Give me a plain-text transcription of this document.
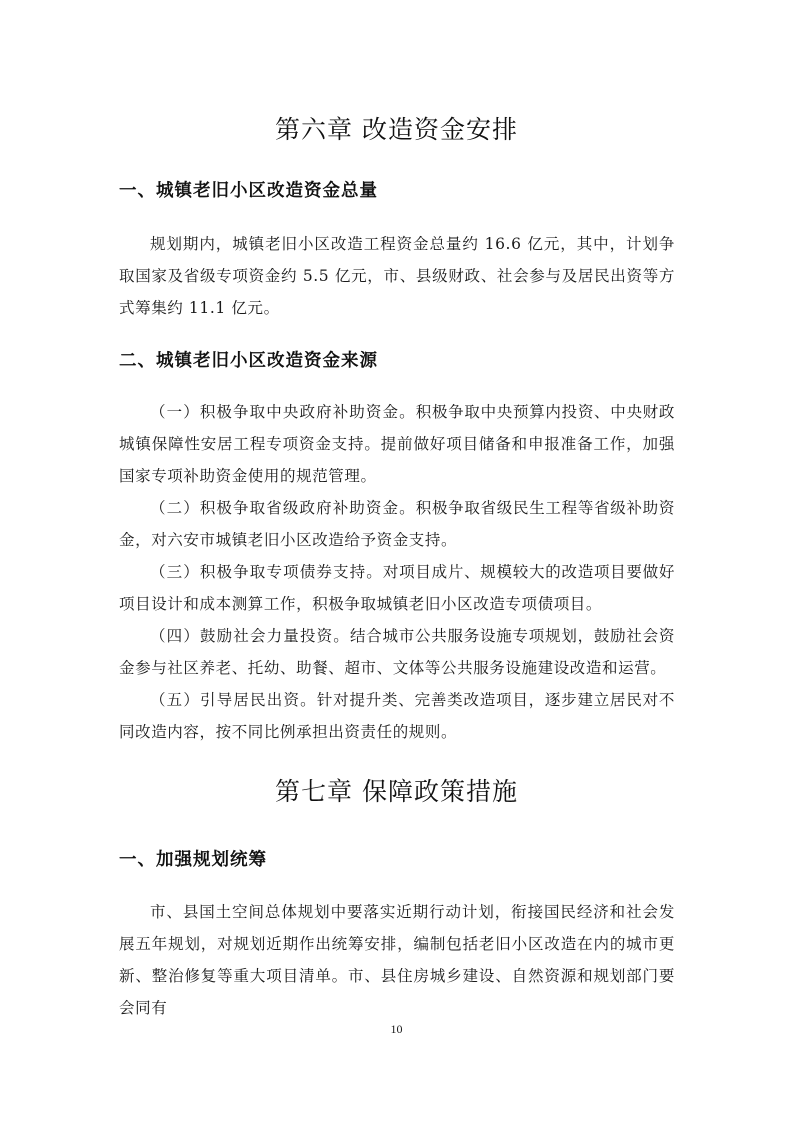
第六章 改造资金安排
一、城镇老旧小区改造资金总量

规划期内，城镇老旧小区改造工程资金总量约 16.6 亿元，其中，计划争取国家及省级专项资金约 5.5 亿元，市、县级财政、社会参与及居民出资等方式筹集约 11.1 亿元。

二、城镇老旧小区改造资金来源

（一）积极争取中央政府补助资金。积极争取中央预算内投资、中央财政城镇保障性安居工程专项资金支持。提前做好项目储备和申报准备工作，加强国家专项补助资金使用的规范管理。

（二）积极争取省级政府补助资金。积极争取省级民生工程等省级补助资金，对六安市城镇老旧小区改造给予资金支持。

（三）积极争取专项债券支持。对项目成片、规模较大的改造项目要做好项目设计和成本测算工作，积极争取城镇老旧小区改造专项债项目。

（四）鼓励社会力量投资。结合城市公共服务设施专项规划，鼓励社会资金参与社区养老、托幼、助餐、超市、文体等公共服务设施建设改造和运营。

（五）引导居民出资。针对提升类、完善类改造项目，逐步建立居民对不同改造内容，按不同比例承担出资责任的规则。

第七章 保障政策措施
一、加强规划统筹

市、县国土空间总体规划中要落实近期行动计划，衔接国民经济和社会发展五年规划，对规划近期作出统筹安排，编制包括老旧小区改造在内的城市更新、整治修复等重大项目清单。市、县住房城乡建设、自然资源和规划部门要会同有

10
